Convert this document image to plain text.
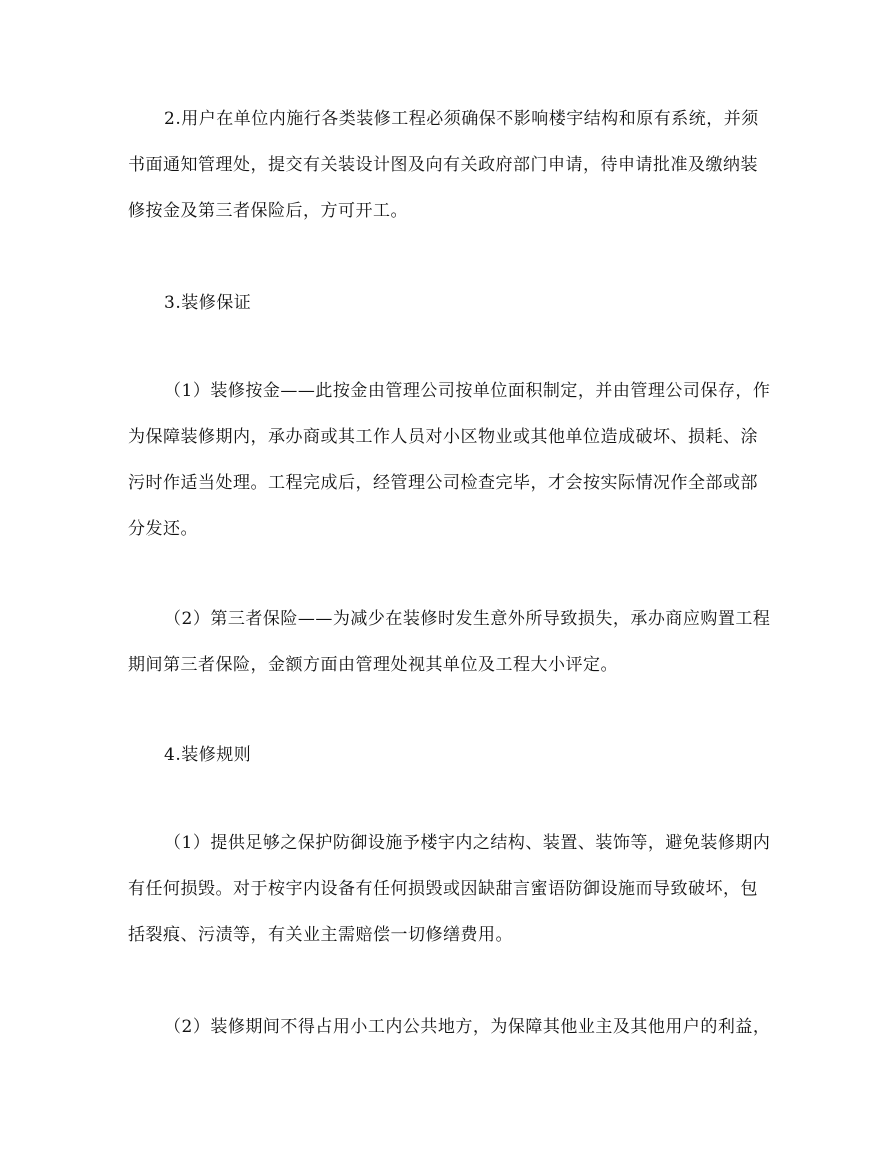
2.用户在单位内施行各类装修工程必须确保不影响楼宇结构和原有系统，并须
书面通知管理处，提交有关装设计图及向有关政府部门申请，待申请批准及缴纳装
修按金及第三者保险后，方可开工。

3.装修保证

（1）装修按金——此按金由管理公司按单位面积制定，并由管理公司保存，作
为保障装修期内，承办商或其工作人员对小区物业或其他单位造成破坏、损耗、涂
污时作适当处理。工程完成后，经管理公司检查完毕，才会按实际情况作全部或部
分发还。

（2）第三者保险——为减少在装修时发生意外所导致损失，承办商应购置工程
期间第三者保险，金额方面由管理处视其单位及工程大小评定。

4.装修规则

（1）提供足够之保护防御设施予楼宇内之结构、装置、装饰等，避免装修期内
有任何损毁。对于桉宇内设备有任何损毁或因缺甜言蜜语防御设施而导致破坏，包
括裂痕、污渍等，有关业主需赔偿一切修缮费用。

（2）装修期间不得占用小工内公共地方，为保障其他业主及其他用户的利益，
